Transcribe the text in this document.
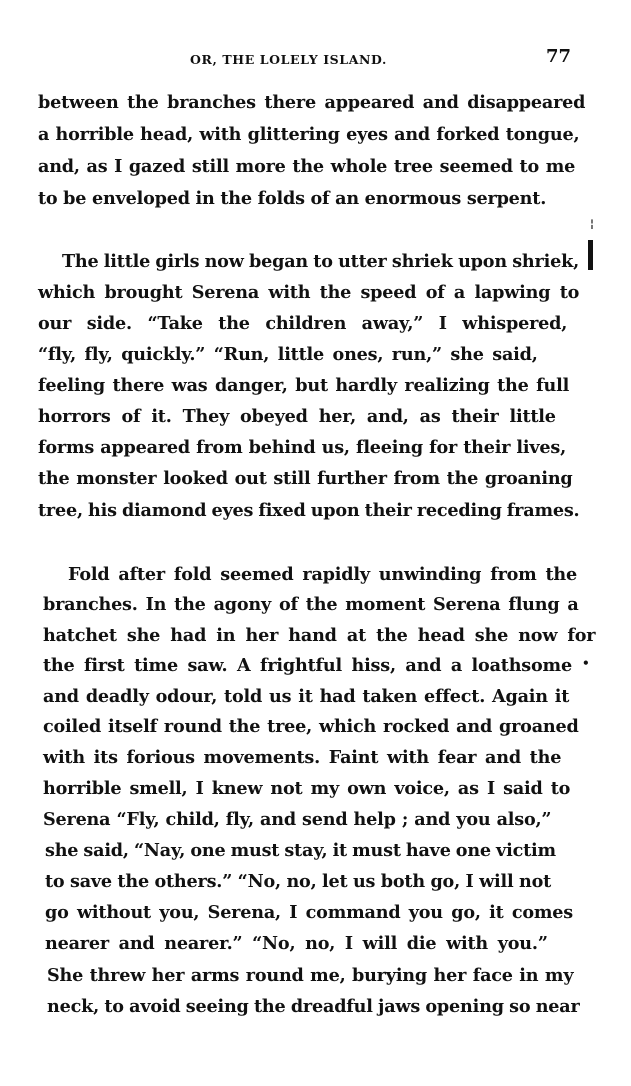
OR, THE LOLELY ISLAND.	77
between the branches there appeared and disappeared
a horrible head, with glittering eyes and forked tongue,
and, as I gazed still more the whole tree seemed to me
to be enveloped in the folds of an enormous serpent.
¦
The little girls now began to utter shriek upon shriek,
which brought Serena with the speed of a lapwing to
our side. “Take the children away,” I whispered,
“fly, fly, quickly.” “Run, little ones, run,” she said,
feeling there was danger, but hardly realizing the full
horrors of it. They obeyed her, and, as their little
forms appeared from behind us, fleeing for their lives,
the monster looked out still further from the groaning
tree, his diamond eyes fixed upon their receding frames.
Fold after fold seemed rapidly unwinding from the
branches. In the agony of the moment Serena flung a
hatchet she had in her hand at the head she now for
the first time saw. A frightful hiss, and a loathsome •
and deadly odour, told us it had taken effect. Again it
coiled itself round the tree, which rocked and groaned
with its forious movements. Faint with fear and the
horrible smell, I knew not my own voice, as I said to
Serena “Fly, child, fly, and send help ; and you also,”
she said, “Nay, one must stay, it must have one victim
to save the others.” “No, no, let us both go, I will not
go without you, Serena, I command you go, it comes
nearer and nearer.” “No, no, I will die with you.”
She threw her arms round me, burying her face in my
neck, to avoid seeing the dreadful jaws opening so near
